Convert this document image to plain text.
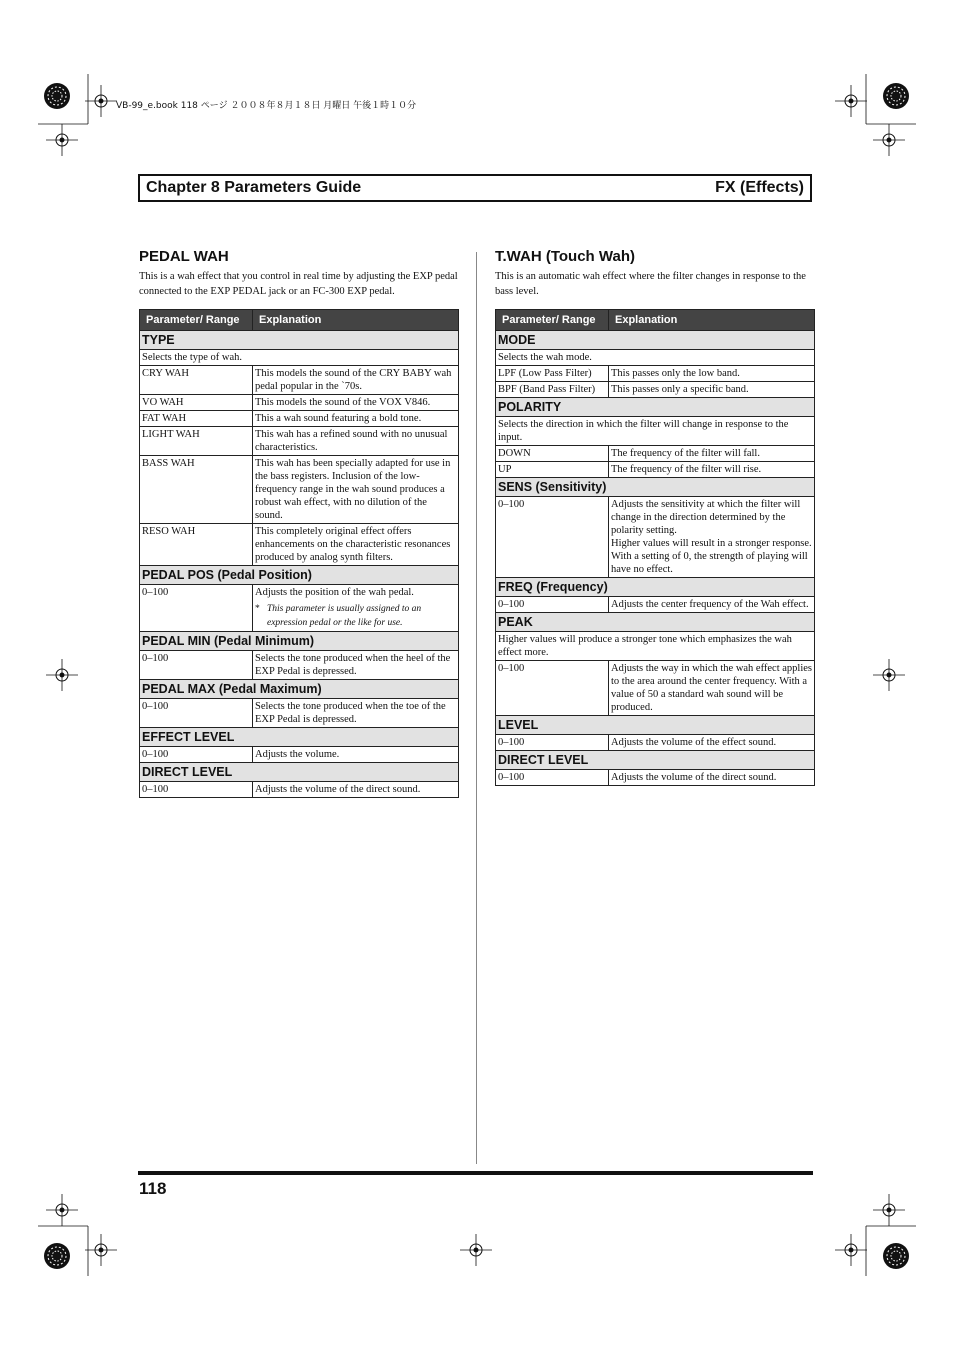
VB-99_e.book 118 ページ ２００８年８月１８日 月曜日 午後１時１０分
Chapter 8 Parameters Guide	FX (Effects)
PEDAL WAH

This is a wah effect that you control in real time by adjusting the EXP pedal connected to the EXP PEDAL jack or an FC-300 EXP pedal.

Parameter/ Range	Explanation
TYPE	
Selects the type of wah.	
CRY WAH	This models the sound of the CRY BABY wah pedal popular in the `70s.
VO WAH	This models the sound of the VOX V846.
FAT WAH	This a wah sound featuring a bold tone.
LIGHT WAH	This wah has a refined sound with no unusual characteristics.
BASS WAH	This wah has been specially adapted for use in the bass registers. Inclusion of the low-frequency range in the wah sound produces a robust wah effect, with no dilution of the sound.
RESO WAH	This completely original effect offers enhancements on the characteristic resonances produced by analog synth filters.
PEDAL POS (Pedal Position)	
0–100	Adjusts the position of the wah pedal.
* This parameter is usually assigned to an expression pedal or the like for use.

PEDAL MIN (Pedal Minimum)	
0–100	Selects the tone produced when the heel of the EXP Pedal is depressed.
PEDAL MAX (Pedal Maximum)	
0–100	Selects the tone produced when the toe of the EXP Pedal is depressed.
EFFECT LEVEL	
0–100	Adjusts the volume.
DIRECT LEVEL	
0–100	Adjusts the volume of the direct sound.
T.WAH (Touch Wah)

This is an automatic wah effect where the filter changes in response to the bass level.

Parameter/ Range	Explanation
MODE	
Selects the wah mode.	
LPF (Low Pass Filter)	This passes only the low band.
BPF (Band Pass Filter)	This passes only a specific band.
POLARITY	
Selects the direction in which the filter will change in response to the input.	
DOWN	The frequency of the filter will fall.
UP	The frequency of the filter will rise.
SENS (Sensitivity)	
0–100	Adjusts the sensitivity at which the filter will change in the direction determined by the polarity setting.
Higher values will result in a stronger response. With a setting of 0, the strength of playing will have no effect.

FREQ (Frequency)	
0–100	Adjusts the center frequency of the Wah effect.
PEAK	
Higher values will produce a stronger tone which emphasizes the wah effect more.	
0–100	Adjusts the way in which the wah effect applies to the area around the center frequency. With a value of 50 a standard wah sound will be produced.
LEVEL	
0–100	Adjusts the volume of the effect sound.
DIRECT LEVEL	
0–100	Adjusts the volume of the direct sound.
118
